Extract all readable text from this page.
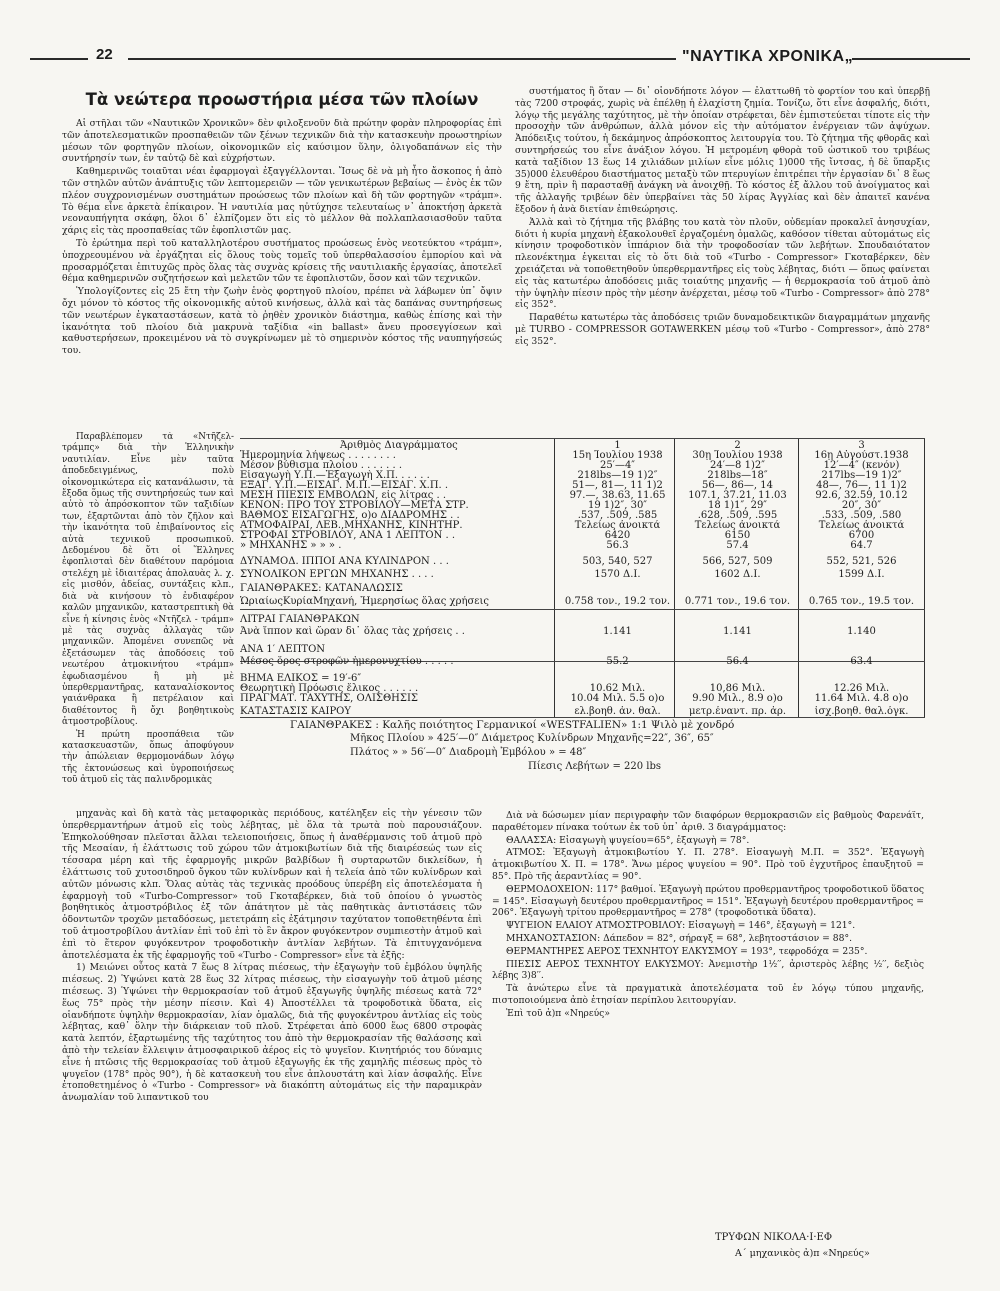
22	"ΝΑΥΤΙΚΑ ΧΡΟΝΙΚΑ„
Τὰ νεώτερα προωστήρια μέσα τῶν πλοίων

Αἱ στῆλαι τῶν «Ναυτικῶν Χρονικῶν» δὲν φιλοξενοῦν διὰ πρώτην φορὰν πληροφορίας ἐπὶ τῶν ἀποτελεσματικῶν προσπαθειῶν τῶν ξένων τεχνικῶν διὰ τὴν κατασκευὴν προωστηρίων μέσων τῶν φορτηγῶν πλοίων, οἰκονομικῶν εἰς καύσιμον ὕλην, ὀλιγοδαπάνων εἰς τὴν συντήρησίν των, ἐν ταὐτῷ δὲ καὶ εὐχρήστων.

Καθημερινῶς τοιαῦται νέαι ἐφαρμογαὶ ἐξαγγέλλονται. Ἴσως δὲ νὰ μὴ ἦτο ἄσκοπος ἡ ἀπὸ τῶν στηλῶν αὐτῶν ἀνάπτυξις τῶν λεπτομερειῶν — τῶν γενικωτέρων βεβαίως — ἑνὸς ἐκ τῶν πλέον συγχρονισμένων συστημάτων προώσεως τῶν πλοίων καὶ δὴ τῶν φορτηγῶν «τράμπ». Τὸ θέμα εἶνε ἀρκετὰ ἐπίκαιρον. Ἡ ναυτιλία μας ηὐτύχησε τελευταίως ν᾽ ἀποκτήσῃ ἀρκετὰ νεοναυπήγητα σκάφη, ὅλοι δ᾽ ἐλπίζομεν ὅτι εἰς τὸ μέλλον θὰ πολλαπλασιασθοῦν ταῦτα χάρις εἰς τὰς προσπαθείας τῶν ἐφοπλιστῶν μας.

Τὸ ἐρώτημα περὶ τοῦ καταλληλοτέρου συστήματος προώσεως ἑνὸς νεοτεύκτου «τράμπ», ὑποχρεουμένου νὰ ἐργάζηται εἰς ὅλους τοὺς τομεῖς τοῦ ὑπερθαλασσίου ἐμπορίου καὶ νὰ προσαρμόζεται ἐπιτυχῶς πρὸς ὅλας τὰς συχνὰς κρίσεις τῆς ναυτιλιακῆς ἐργασίας, ἀποτελεῖ θέμα καθημερινῶν συζητήσεων καὶ μελετῶν τῶν τε ἐφοπλιστῶν, ὅσον καὶ τῶν τεχνικῶν.

Ὑπολογίζοντες εἰς 25 ἔτη τὴν ζωὴν ἑνὸς φορτηγοῦ πλοίου, πρέπει νὰ λάβωμεν ὑπ᾽ ὄψιν ὄχι μόνον τὸ κόστος τῆς οἰκονομικῆς αὐτοῦ κινήσεως, ἀλλὰ καὶ τὰς δαπάνας συντηρήσεως τῶν νεωτέρων ἐγκαταστάσεων, κατὰ τὸ ῥηθὲν χρονικὸν διάστημα, καθὼς ἐπίσης καὶ τὴν ἱκανότητα τοῦ πλοίου διὰ μακρυνὰ ταξίδια «in ballast» ἄνευ προσεγγίσεων καὶ καθυστερήσεων, προκειμένου νὰ τὸ συγκρίνωμεν μὲ τὸ σημερινὸν κόστος τῆς ναυπηγήσεώς του.

Παραβλέπομεν τὰ «Ντῆζελ-τράμπς» διὰ τὴν Ἑλληνικὴν ναυτιλίαν. Εἶνε μὲν ταῦτα ἀποδεδειγμένως, πολὺ οἰκονομικώτερα εἰς κατανάλωσιν, τὰ ἔξοδα ὅμως τῆς συντηρήσεώς των καὶ αὐτὸ τὸ ἀπρόσκοπτον τῶν ταξιδίων των, ἐξαρτῶνται ἀπὸ τὸν ζῆλον καὶ τὴν ἱκανότητα τοῦ ἐπιβαίνοντος εἰς αὐτὰ τεχνικοῦ προσωπικοῦ. Δεδομένου δὲ ὅτι οἱ Ἕλληνες ἐφοπλισταὶ δὲν διαθέτουν παρόμοια στελέχη μὲ ἰδιαιτέρας ἀπολαυὰς λ. χ. εἰς μισθόν, ἀδείας, συντάξεις κλπ., διὰ νὰ κινήσουν τὸ ἐνδιαφέρον καλῶν μηχανικῶν, καταστρεπτικὴ θὰ εἶνε ἡ κίνησις ἑνὸς «Ντῆζελ - τράμπ» μὲ τὰς συχνὰς ἀλλαγὰς τῶν μηχανικῶν. Ἀπομένει συνεπῶς νὰ ἐξετάσωμεν τὰς ἀποδόσεις τοῦ νεωτέρου ἀτμοκινήτου «τράμπ» ἐφωδιασμένου ἢ μὴ μὲ ὑπερθερμαντῆρας, καταναλίσκοντος γαιάνθρακα ἢ πετρέλαιον καὶ διαθέτοντος ἢ ὄχι βοηθητικοὺς ἀτμοστροβίλους.

Ἡ πρώτη προσπάθεια τῶν κατασκευαστῶν, ὅπως ἀποφύγουν τὴν ἀπώλειαν θερμομονάδων λόγῳ τῆς ἐκτονώσεως καὶ ὑγροποιήσεως τοῦ ἀτμοῦ εἰς τὰς παλινδρομικὰς

μηχανὰς καὶ δὴ κατὰ τὰς μεταφορικὰς περιόδους, κατέληξεν εἰς τὴν γένεσιν τῶν ὑπερθερμαντήρων ἀτμοῦ εἰς τοὺς λέβητας, μὲ ὅλα τὰ τρωτὰ ποὺ παρουσιάζουν. Ἐπηκολούθησαν πλεῖσται ἄλλαι τελειοποιήσεις, ὅπως ἡ ἀναθέρμανσις τοῦ ἀτμοῦ πρὸ τῆς Μεσαίαν, ἡ ἐλάττωσις τοῦ χώρου τῶν ἀτμοκιβωτίων διὰ τῆς διαιρέσεώς των εἰς τέσσαρα μέρη καὶ τῆς ἐφαρμογῆς μικρῶν βαλβίδων ἢ συρταρωτῶν δικλείδων, ἡ ἐλάττωσις τοῦ χυτοσιδηροῦ ὄγκου τῶν κυλίνδρων καὶ ἡ τελεία ἀπὸ τῶν κυλίνδρων καὶ αὐτῶν μόνωσις κλπ. Ὅλας αὐτὰς τὰς τεχνικὰς προόδους ὑπερέβη εἰς ἀποτελέσματα ἡ ἐφαρμογὴ τοῦ «Turbo-Compressor» τοῦ Γκοταβέρκεν, διὰ τοῦ ὁποίου ὁ γνωστὸς βοηθητικὸς ἀτμοστρόβιλος ἐξ τῶν ἀπάτητον μὲ τὰς παθητικὰς ἀντιστάσεις τῶν ὀδοντωτῶν τροχῶν μεταδόσεως, μετετράπη εἰς ἐξάτμησιν ταχύτατον τοποθετηθέντα ἐπὶ τοῦ ἀτμοστροβίλου ἀντλίαν ἐπὶ τοῦ ἐπὶ τὸ ἓν ἄκρον φυγόκεντρον συμπιεστὴν ἀτμοῦ καὶ ἐπὶ τὸ ἕτερον φυγόκεντρον τροφοδοτικὴν ἀντλίαν λεβήτων. Τὰ ἐπιτυγχανόμενα ἀποτελέσματα ἐκ τῆς ἐφαρμογῆς τοῦ «Turbo - Compressor» εἶνε τὰ ἑξῆς:

1) Μειώνει οὗτος κατὰ 7 ἕως 8 λίτρας πιέσεως, τὴν ἐξαγωγὴν τοῦ ἐμβόλου ὑψηλῆς πιέσεως. 2) Ὑψώνει κατὰ 28 ἕως 32 λίτρας πιέσεως, τὴν εἰσαγωγὴν τοῦ ἀτμοῦ μέσης πιέσεως. 3) Ὑψώνει τὴν θερμοκρασίαν τοῦ ἀτμοῦ ἐξαγωγῆς ὑψηλῆς πιέσεως κατὰ 72° ἕως 75° πρὸς τὴν μέσην πίεσιν. Καὶ 4) Ἀποστέλλει τὰ τροφοδοτικὰ ὕδατα, εἰς οἱανδήποτε ὑψηλὴν θερμοκρασίαν, λίαν ὁμαλῶς, διὰ τῆς φυγοκέντρου ἀντλίας εἰς τοὺς λέβητας, καθ᾽ ὅλην τὴν διάρκειαν τοῦ πλοῦ. Στρέφεται ἀπὸ 6000 ἕως 6800 στροφὰς κατὰ λεπτόν, ἐξαρτωμένης τῆς ταχύτητος του ἀπὸ τὴν θερμοκρασίαν τῆς θαλάσσης καὶ ἀπὸ τὴν τελείαν ἔλλειψιν ἀτμοσφαιρικοῦ ἀέρος εἰς τὸ ψυγεῖον. Κινητήριός του δύναμις εἶνε ἡ πτῶσις τῆς θερμοκρασίας τοῦ ἀτμοῦ ἐξαγωγῆς ἐκ τῆς χαμηλῆς πιέσεως πρὸς τὸ ψυγεῖον (178° πρὸς 90°), ἡ δὲ κατασκευὴ του εἶνε ἁπλουστάτη καὶ λίαν ἀσφαλής. Εἶνε ἐτοποθετημένος ὁ «Turbo - Compressor» νὰ διακόπτη αὐτομάτως εἰς τὴν παραμικρὰν ἀνωμαλίαν τοῦ λιπαντικοῦ του

συστήματος ἢ ὅταν — δι᾽ οἱονδήποτε λόγον — ἐλαττωθῆ τὸ φορτίον του καὶ ὑπερβῇ τὰς 7200 στροφάς, χωρὶς νὰ ἐπέλθῃ ἡ ἐλαχίστη ζημία. Τονίζω, ὅτι εἶνε ἀσφαλής, διότι, λόγῳ τῆς μεγάλης ταχύτητος, μὲ τὴν ὁποίαν στρέφεται, δὲν ἐμπιστεύεται τίποτε εἰς τὴν προσοχὴν τῶν ἀνθρώπων, ἀλλὰ μόνον εἰς τὴν αὐτόματον ἐνέργειαν τῶν ἀψύχων. Ἀπόδειξις τούτου, ἡ δεκάμηνος ἀπρόσκοπτος λειτουργία του. Τὸ ζήτημα τῆς φθορᾶς καὶ συντηρήσεώς του εἶνε ἀνάξιον λόγου. Ἡ μετρομένη φθορὰ τοῦ ὠστικοῦ του τριβέως κατὰ ταξίδιον 13 ἕως 14 χιλιάδων μιλίων εἶνε μόλις 1)000 τῆς ἴντσας, ἡ δὲ ὕπαρξις 35)000 ἐλευθέρου διαστήματος μεταξὺ τῶν πτερυγίων ἐπιτρέπει τὴν ἐργασίαν δι᾽ 8 ἕως 9 ἔτη, πρὶν ἢ παρασταθῇ ἀνάγκη νὰ ἀνοιχθῇ. Τὸ κόστος ἐξ ἄλλου τοῦ ἀνοίγματος καὶ τῆς ἀλλαγῆς τριβέων δὲν ὑπερβαίνει τὰς 50 λίρας Ἀγγλίας καὶ δὲν ἀπαιτεῖ κανένα ἔξοδον ἡ ἀνὰ διετίαν ἐπιθεώρησις.

Ἀλλὰ καὶ τὸ ζήτημα τῆς βλάβης του κατὰ τὸν πλοῦν, οὐδεμίαν προκαλεῖ ἀνησυχίαν, διότι ἡ κυρία μηχανὴ ἐξακολουθεῖ ἐργαζομένη ὁμαλῶς, καθόσον τίθεται αὐτομάτως εἰς κίνησιν τροφοδοτικὸν ἱππάριον διὰ τὴν τροφοδοσίαν τῶν λεβήτων. Σπουδαιότατον πλεονέκτημα ἐγκειται εἰς τὸ ὅτι διὰ τοῦ «Turbo - Compressor» Γκοταβέρκεν, δὲν χρειάζεται νὰ τοποθετηθοῦν ὑπερθερμαντῆρες εἰς τοὺς λέβητας, διότι — ὅπως φαίνεται εἰς τὰς κατωτέρω ἀποδόσεις μιᾶς τοιαύτης μηχανῆς — ἡ θερμοκρασία τοῦ ἀτμοῦ ἀπὸ τὴν ὑψηλὴν πίεσιν πρὸς τὴν μέσην ἀνέρχεται, μέσῳ τοῦ «Turbo - Compressor» ἀπὸ 278° εἰς 352°.

Παραθέτω κατωτέρω τὰς ἀποδόσεις τριῶν δυναμοδεικτικῶν διαγραμμάτων μηχανῆς μὲ TURBO - COMPRESSOR GOTAWERKEN μέσῳ τοῦ «Turbo - Compressor», ἀπὸ 278° εἰς 352°.

Ἀριθμὸς Διαγράμματος	1	2	3
Ἡμερομηνία λήψεως . . . . . . . .	15η Ἰουλίου 1938	30ῃ Ἰουλίου 1938	16ῃ Αὐγούστ.1938
Μέσον βύθισμα πλοίου . . . . . . .	25′—4″	24′—8 1)2″	12′—4″ (κενόν)
Εἰσαγωγὴ Υ.Π.—Ἐξαγωγὴ Χ.Π. . . . . .	218lbs—19 1)2″	218lbs—18″	217lbs—19 1)2″
ΕΞΑΓ. Υ.Π.—ΕΙΣΑΓ. Μ.Π.—ΕΙΣΑΓ. Χ.Π. .	51—, 81—, 11 1)2	56—, 86—, 14	48—, 76—, 11 1)2
ΜΕΣΗ ΠΙΕΣΙΣ ΕΜΒΟΛΩΝ, εἰς λίτρας . .	97.—, 38.63, 11.65	107.1, 37.21, 11.03	92.6, 32.59, 10.12
ΚΕΝΟΝ: ΠΡΟ ΤΟΥ ΣΤΡΟΒΙΛΟΥ—ΜΕΤΑ ΣΤΡ.	19 1)2″, 30″	18 1)1″, 29″	20″, 30″
ΒΑΘΜΟΣ ΕΙΣΑΓΩΓΗΣ, ο)ο ΔΙΑΔΡΟΜΗΣ . .	.537, .509, .585	.628, .509, .595	.533, .509, .580
ΑΤΜΟΦΑΙΡΑΙ, ΛΕΒ.,ΜΗΧΑΝΗΣ, ΚΙΝΗΤΗΡ.	Τελείως ἀνοικτά	Τελείως ἀνοικτά	Τελείως ἀνοικτά
ΣΤΡΟΦΑΙ ΣΤΡΟΒΙΛΟΥ, ΑΝΑ 1 ΛΕΠΤΟΝ . .	6420	6150	6700
» ΜΗΧΑΝΗΣ » » » .	56.3	57.4	64.7
ΔΥΝΑΜΟΔ. ΙΠΠΟΙ ΑΝΑ ΚΥΛΙΝΔΡΟΝ . . .	503, 540, 527	566, 527, 509	552, 521, 526
ΣΥΝΟΛΙΚΟΝ ΕΡΓΩΝ ΜΗΧΑΝΗΣ . . . .	1570 Δ.Ι.	1602 Δ.Ι.	1599 Δ.Ι.
ΓΑΙΑΝΘΡΑΚΕΣ: ΚΑΤΑΝΑΛΩΣΙΣ
ὩριαίωςΚυρίαΜηχανή, Ἡμερησίως ὅλας χρήσεις	0.758 τον., 19.2 τον.	0.771 τον., 19.6 τον.	0.765 τον., 19.5 τον.
ΛΙΤΡΑΙ ΓΑΙΑΝΘΡΑΚΩΝ
Ἀνὰ ἵππον καὶ ὥραν δι᾽ ὅλας τὰς χρήσεις . .	1.141	1.141	1.140
ΑΝΑ 1′ ΛΕΠΤΟΝ
Μέσος ὅρος στροφῶν ἡμερονυχτίου . . . . .	55.2	56.4	63.4
ΒΗΜΑ ΕΛΙΚΟΣ = 19′-6″
Θεωρητικὴ Πρόωσις ἕλικος . . . . . .	10.62 Μιλ.	10,86 Μιλ.	12.26 Μιλ.
ΠΡΑΓΜΑΤ. ΤΑΧΥΤΗΣ, ΟΛΙΣΘΗΣΙΣ	10.04 Μιλ. 5.5 ο)ο	9.90 Μιλ., 8.9 ο)ο	11.64 Μιλ. 4.8 ο)ο
ΚΑΤΑΣΤΑΣΙΣ ΚΑΙΡΟΥ	ελ.βοηθ. ἀν. θαλ.	μετρ.ἐναντ. πρ. ἀρ.	ἰσχ.βοηθ. θαλ.ὀγκ.
ΓΑΙΑΝΘΡΑΚΕΣ : Καλῆς ποιότητος Γερμανικοί «WESTFALIEN» 1:1 Ψιλὸ μὲ χονδρό
Μῆκος Πλοίου » 425′—0″ Διάμετρος Κυλίνδρων Μηχανῆς=22″, 36″, 65″
Πλάτος » » 56′—0″ Διαδρομὴ Ἐμβόλου » = 48″
Πίεσις Λεβήτων = 220 lbs

Διὰ νὰ δώσωμεν μίαν περιγραφὴν τῶν διαφόρων θερμοκρασιῶν εἰς βαθμοὺς Φαρενάϊτ, παραθέτομεν πίνακα τούτων ἐκ τοῦ ὑπ᾽ ἀριθ. 3 διαγράμματος:

ΘΑΛΑΣΣΑ: Εἰσαγωγὴ ψυγείου=65°, ἐξαγωγὴ = 78°.

ΑΤΜΟΣ: Ἐξαγωγὴ ἀτμοκιβωτίου Υ. Π. 278°. Εἰσαγωγὴ Μ.Π. = 352°. Ἐξαγωγὴ ἀτμοκιβωτίου Χ. Π. = 178°. Ἄνω μέρος ψυγείου = 90°. Πρὸ τοῦ ἐγχυτῆρος ἐπαυξητοῦ = 85°. Πρὸ τῆς ἀεραντλίας = 90°.

ΘΕΡΜΟΔΟΧΕΙΟΝ: 117° βαθμοί. Ἐξαγωγὴ πρώτου προθερμαντῆρος τροφοδοτικοῦ ὕδατος = 145°. Εἰσαγωγὴ δευτέρου προθερμαντῆρος = 151°. Ἐξαγωγὴ δευτέρου προθερμαντῆρος = 206°. Ἐξαγωγὴ τρίτου προθερμαντῆρος = 278° (τροφοδοτικὰ ὕδατα).

ΨΥΓΕΙΟΝ ΕΛΑΙΟΥ ΑΤΜΟΣΤΡΟΒΙΛΟΥ: Εἰσαγωγὴ = 146°, ἐξαγωγὴ = 121°.

ΜΗΧΑΝΟΣΤΑΣΙΟΝ: Δάπεδον = 82°, σήραγξ = 68°, λεβητοστάσιον = 88°.

ΘΕΡΜΑΝΤΗΡΕΣ ΑΕΡΟΣ ΤΕΧΝΗΤΟΥ ΕΛΚΥΣΜΟΥ = 193°, τεφροδόχα = 235°.

ΠΙΕΣΙΣ ΑΕΡΟΣ ΤΕΧΝΗΤΟΥ ΕΛΚΥΣΜΟΥ: Ἀνεμιστὴρ 1½′′, ἀριστερὸς λέβης ½′′, δεξιὸς λέβης 3)8′′.

Τὰ ἀνώτερω εἶνε τὰ πραγματικὰ ἀποτελέσματα τοῦ ἐν λόγῳ τύπου μηχανῆς, πιστοποιούμενα ἀπὸ ἐτησίαν περίπλου λειτουργίαν.

Ἐπὶ τοῦ ἀ)π «Νηρεύς»

ΤΡΥΦΩΝ ΝΙΚΟΛΑ·Ι·ΕΦ
Α΄ μηχανικὸς ἀ)π «Νηρεύς»
